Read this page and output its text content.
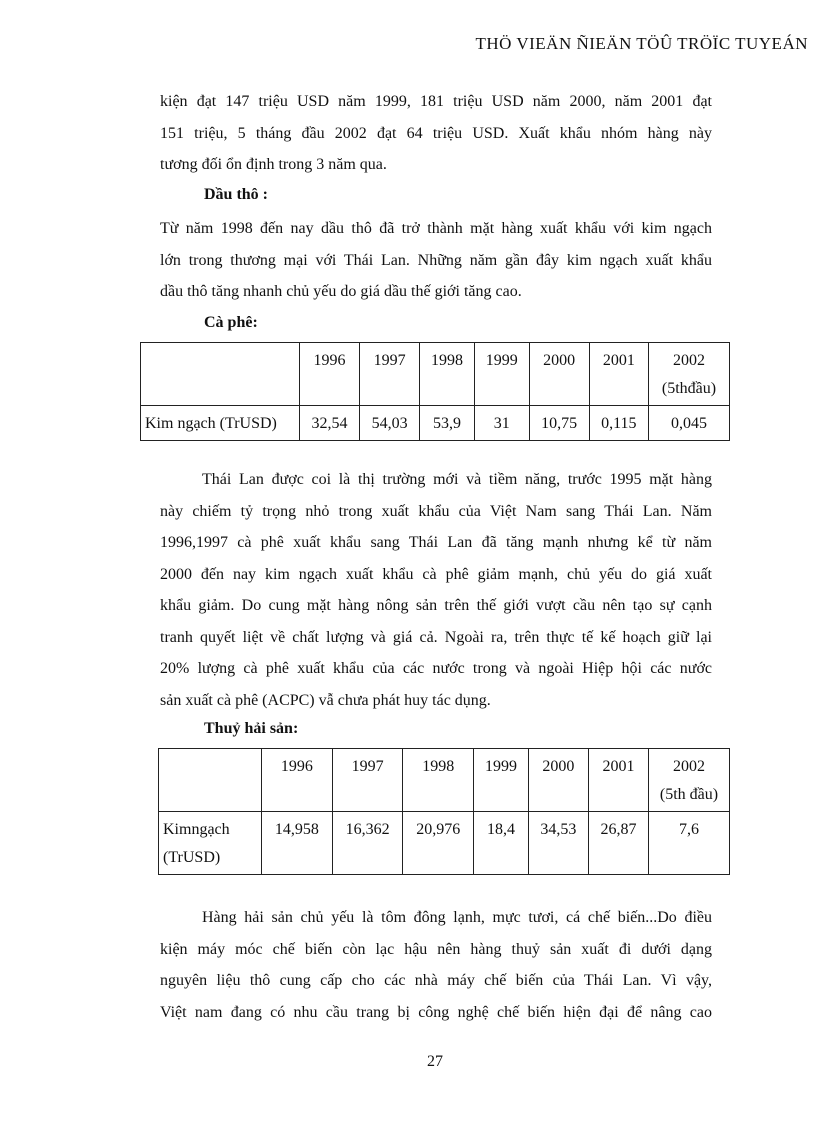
THÖ VIEÄN ÑIEÄN TÖÛ TRÖÏC TUYEÁN
kiện đạt 147 triệu USD năm 1999, 181 triệu USD năm 2000, năm 2001 đạt
151 triệu, 5 tháng đầu 2002 đạt 64 triệu USD. Xuất khẩu nhóm hàng này
tương đối ổn định trong 3 năm qua.
Dầu thô :
Từ năm 1998 đến nay dầu thô đã trở thành mặt hàng xuất khẩu với kim ngạch
lớn trong thương mại với Thái Lan. Những năm gần đây kim ngạch xuất khẩu
dầu thô tăng nhanh chủ yếu do giá dầu thế giới tăng cao.
Cà phê:
	1996	1997	1998	1999	2000	2001	2002
(5thđầu)

Kim ngạch (TrUSD)	32,54	54,03	53,9	31	10,75	0,115	0,045
Thái Lan được coi là thị trường mới và tiềm năng, trước 1995 mặt hàng
này chiếm tỷ trọng nhỏ trong xuất khẩu của Việt Nam sang Thái Lan. Năm
1996,1997 cà phê xuất khẩu sang Thái Lan đã tăng mạnh nhưng kể từ năm
2000 đến nay kim ngạch xuất khẩu cà phê giảm mạnh, chủ yếu do giá xuất
khẩu giảm. Do cung mặt hàng nông sản trên thế giới vượt cầu nên tạo sự cạnh
tranh quyết liệt về chất lượng và giá cả. Ngoài ra, trên thực tế kế hoạch giữ lại
20% lượng cà phê xuất khẩu của các nước trong và ngoài Hiệp hội các nước
sản xuất cà phê (ACPC) vẫ chưa phát huy tác dụng.
Thuỷ hải sản:
	1996	1997	1998	1999	2000	2001	2002
(5th đầu)

Kimngạch
(TrUSD)	14,958	16,362	20,976	18,4	34,53	26,87	7,6
Hàng hải sản chủ yếu là tôm đông lạnh, mực tươi, cá chế biến...Do điều
kiện máy móc chế biến còn lạc hậu nên hàng thuỷ sản xuất đi dưới dạng
nguyên liệu thô cung cấp cho các nhà máy chế biến của Thái Lan. Vì vậy,
Việt nam đang có nhu cầu trang bị công nghệ chế biến hiện đại để nâng cao
27
